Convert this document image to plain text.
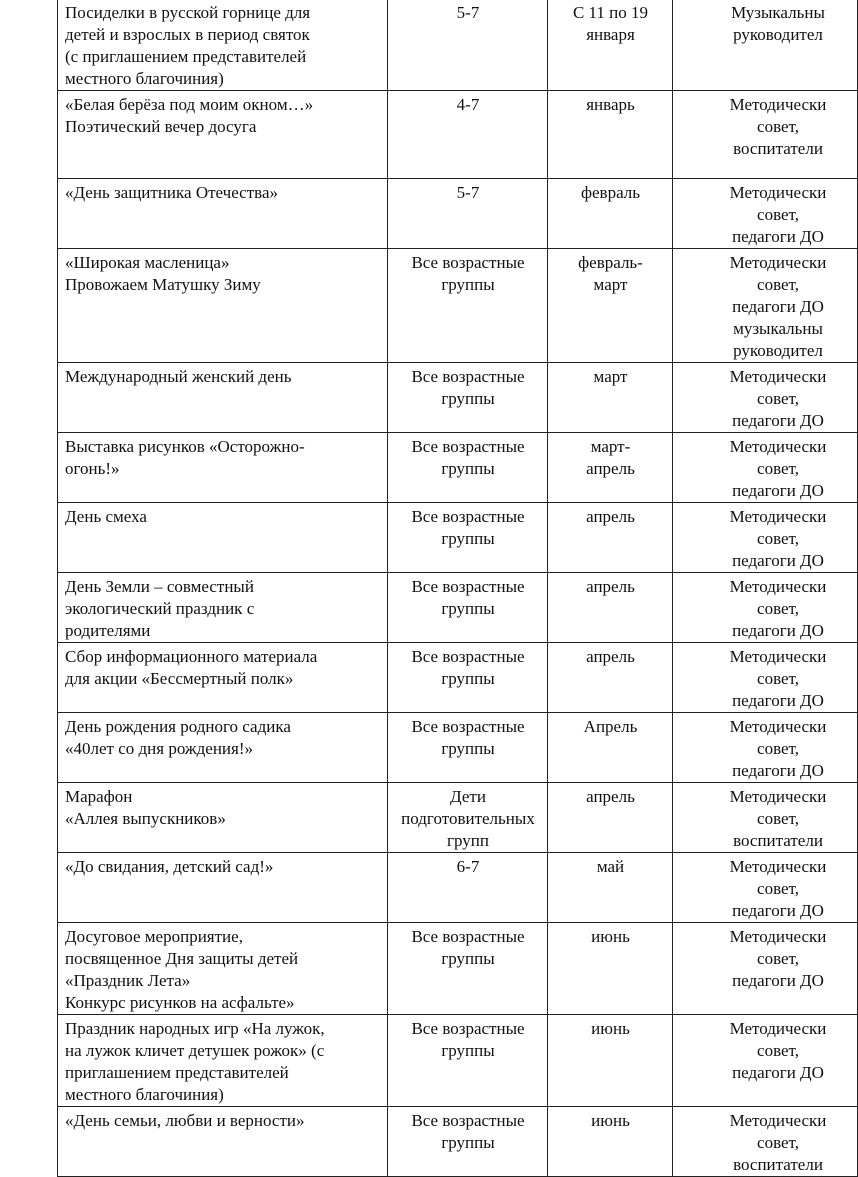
Посиделки в русской горнице для
детей и взрослых в период святок
(с приглашением представителей
местного благочиния)	5-7	С 11 по 19
января	Музыкальны
руководител
«Белая берёза под моим окном…»
Поэтический вечер досуга	4-7	январь	Методически
совет,
воспитатели
«День защитника Отечества»	5-7	февраль	Методически
совет,
педагоги ДО
«Широкая масленица»
Провожаем Матушку Зиму	Все возрастные
группы	февраль-
март	Методически
совет,
педагоги ДО
музыкальны
руководител
Международный женский день	Все возрастные
группы	март	Методически
совет,
педагоги ДО
Выставка рисунков «Осторожно-
огонь!»	Все возрастные
группы	март-
апрель	Методически
совет,
педагоги ДО
День смеха	Все возрастные
группы	апрель	Методически
совет,
педагоги ДО
День Земли – совместный
экологический праздник с
родителями	Все возрастные
группы	апрель	Методически
совет,
педагоги ДО
Сбор информационного материала
для акции «Бессмертный полк»	Все возрастные
группы	апрель	Методически
совет,
педагоги ДО
День рождения родного садика
«40лет со дня рождения!»	Все возрастные
группы	Апрель	Методически
совет,
педагоги ДО
Марафон
«Аллея выпускников»	Дети
подготовительных
групп	апрель	Методически
совет,
воспитатели
«До свидания, детский сад!»	6-7	май	Методически
совет,
педагоги ДО
Досуговое мероприятие,
посвященное Дня защиты детей
«Праздник Лета»
Конкурс рисунков на асфальте»	Все возрастные
группы	июнь	Методически
совет,
педагоги ДО
Праздник народных игр «На лужок,
на лужок кличет детушек рожок» (с
приглашением представителей
местного благочиния)	Все возрастные
группы	июнь	Методически
совет,
педагоги ДО
«День семьи, любви и верности»	Все возрастные
группы	июнь	Методически
совет,
воспитатели
